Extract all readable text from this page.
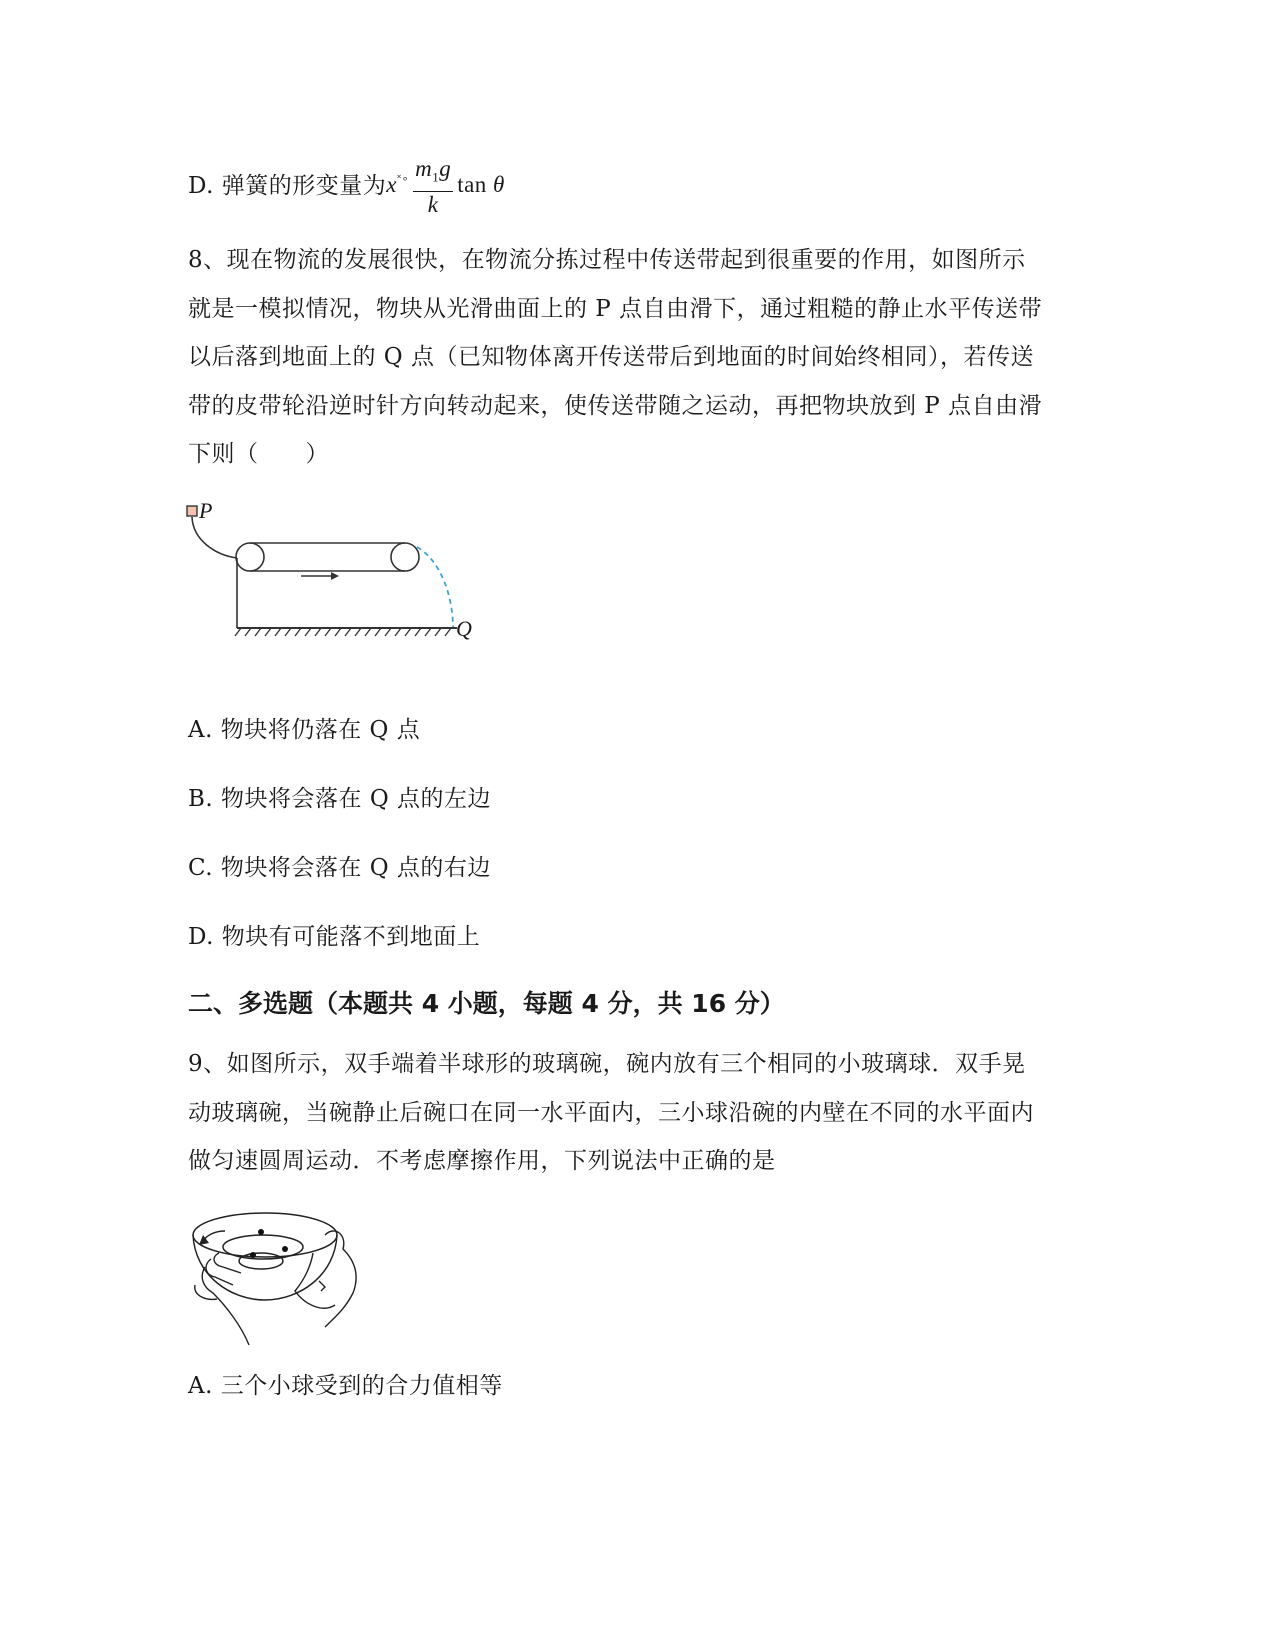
D. 弹簧的形变量为$x^{˟\circ} \frac{m_1g}{k}$ tan θ
8、现在物流的发展很快，在物流分拣过程中传送带起到很重要的作用，如图所示
就是一模拟情况，物块从光滑曲面上的 P 点自由滑下，通过粗糙的静止水平传送带
以后落到地面上的 Q 点（已知物体离开传送带后到地面的时间始终相同），若传送
带的皮带轮沿逆时针方向转动起来，使传送带随之运动，再把物块放到 P 点自由滑
下则（　　）
P
Q
A. 物块将仍落在 Q 点
B. 物块将会落在 Q 点的左边
C. 物块将会落在 Q 点的右边
D. 物块有可能落不到地面上
二、多选题（本题共 4 小题，每题 4 分，共 16 分）
9、如图所示，双手端着半球形的玻璃碗，碗内放有三个相同的小玻璃球．双手晃
动玻璃碗，当碗静止后碗口在同一水平面内，三小球沿碗的内壁在不同的水平面内
做匀速圆周运动．不考虑摩擦作用，下列说法中正确的是
A. 三个小球受到的合力值相等
